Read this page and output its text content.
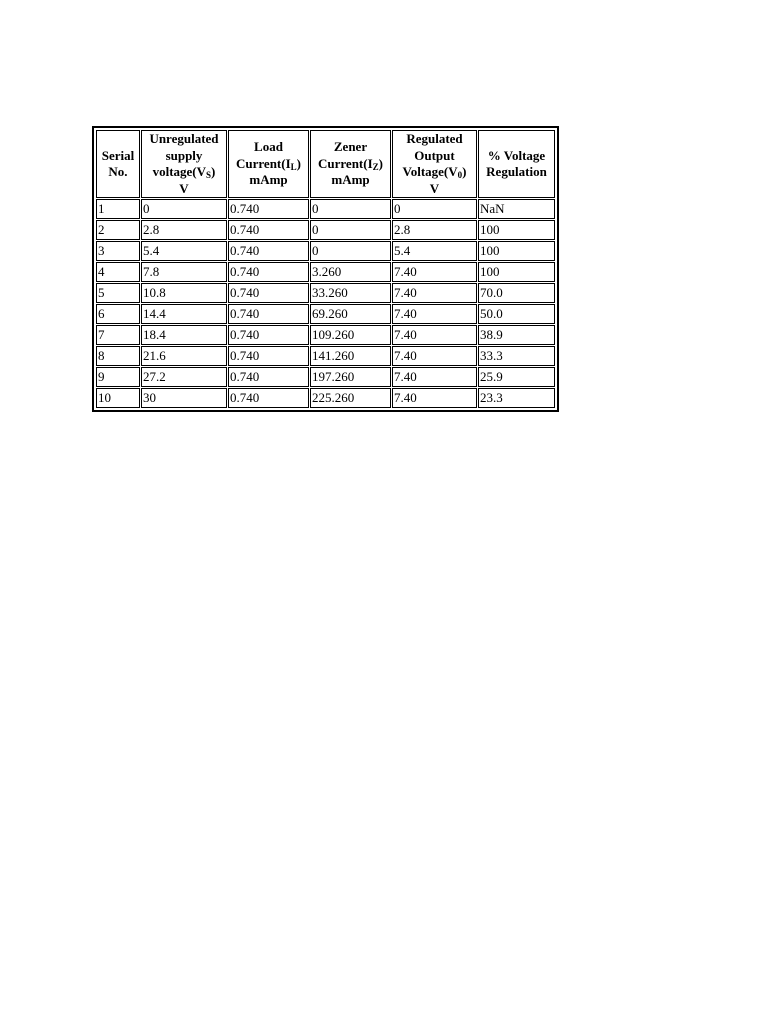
Serial
No.	Unregulated
supply
$voltage(V_S)$
V	Load
$Current(I_L)$
mAmp	Zener
$Current(I_Z)$
mAmp	Regulated
Output
$Voltage(V_0)$
V	% Voltage
Regulation

1	0	0.740	0	0	NaN
2	2.8	0.740	0	2.8	100
3	5.4	0.740	0	5.4	100
4	7.8	0.740	3.260	7.40	100
5	10.8	0.740	33.260	7.40	70.0
6	14.4	0.740	69.260	7.40	50.0
7	18.4	0.740	109.260	7.40	38.9
8	21.6	0.740	141.260	7.40	33.3
9	27.2	0.740	197.260	7.40	25.9
10	30	0.740	225.260	7.40	23.3
